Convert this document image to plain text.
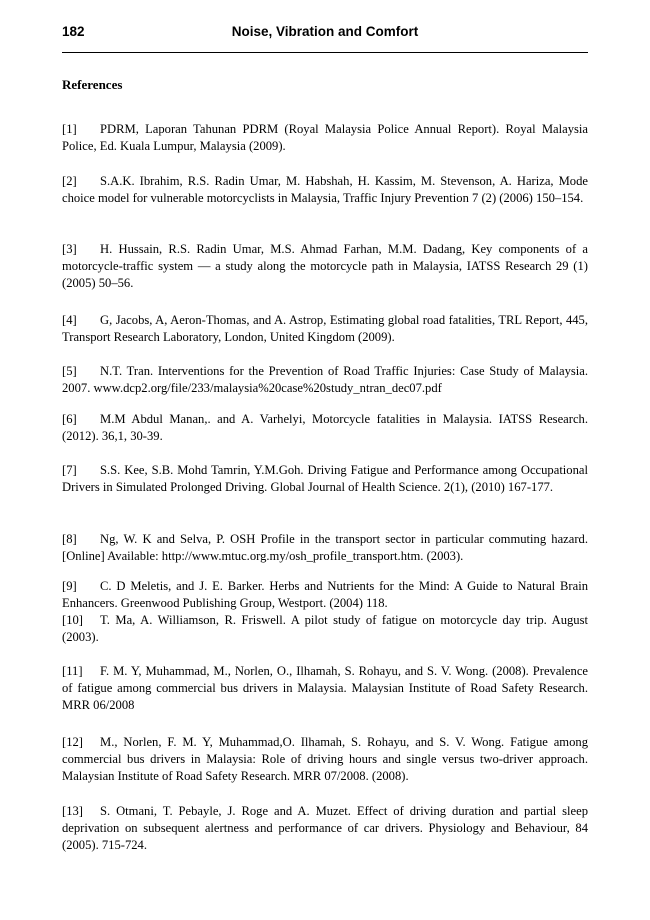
182	Noise, Vibration and Comfort
References
[1] PDRM, Laporan Tahunan PDRM (Royal Malaysia Police Annual Report). Royal Malaysia Police, Ed. Kuala Lumpur, Malaysia (2009).
[2] S.A.K. Ibrahim, R.S. Radin Umar, M. Habshah, H. Kassim, M. Stevenson, A. Hariza, Mode choice model for vulnerable motorcyclists in Malaysia, Traffic Injury Prevention 7 (2) (2006) 150–154.
[3] H. Hussain, R.S. Radin Umar, M.S. Ahmad Farhan, M.M. Dadang, Key components of a motorcycle-traffic system — a study along the motorcycle path in Malaysia, IATSS Research 29 (1) (2005) 50–56.
[4] G, Jacobs, A, Aeron-Thomas, and A. Astrop, Estimating global road fatalities, TRL Report, 445, Transport Research Laboratory, London, United Kingdom (2009).
[5] N.T. Tran. Interventions for the Prevention of Road Traffic Injuries: Case Study of Malaysia. 2007. www.dcp2.org/file/233/malaysia%20case%20study_ntran_dec07.pdf
[6] M.M Abdul Manan,. and A. Varhelyi, Motorcycle fatalities in Malaysia. IATSS Research. (2012). 36,1, 30-39.
[7] S.S. Kee, S.B. Mohd Tamrin, Y.M.Goh. Driving Fatigue and Performance among Occupational Drivers in Simulated Prolonged Driving. Global Journal of Health Science. 2(1), (2010) 167-177.
[8] Ng, W. K and Selva, P. OSH Profile in the transport sector in particular commuting hazard. [Online] Available: http://www.mtuc.org.my/osh_profile_transport.htm. (2003).
[9] C. D Meletis, and J. E. Barker. Herbs and Nutrients for the Mind: A Guide to Natural Brain Enhancers. Greenwood Publishing Group, Westport. (2004) 118.
[10] T. Ma, A. Williamson, R. Friswell. A pilot study of fatigue on motorcycle day trip. August (2003).
[11] F. M. Y, Muhammad, M., Norlen, O., Ilhamah, S. Rohayu, and S. V. Wong. (2008). Prevalence of fatigue among commercial bus drivers in Malaysia. Malaysian Institute of Road Safety Research. MRR 06/2008
[12] M., Norlen, F. M. Y, Muhammad,O. Ilhamah, S. Rohayu, and S. V. Wong. Fatigue among commercial bus drivers in Malaysia: Role of driving hours and single versus two-driver approach. Malaysian Institute of Road Safety Research. MRR 07/2008. (2008).
[13] S. Otmani, T. Pebayle, J. Roge and A. Muzet. Effect of driving duration and partial sleep deprivation on subsequent alertness and performance of car drivers. Physiology and Behaviour, 84 (2005). 715-724.
